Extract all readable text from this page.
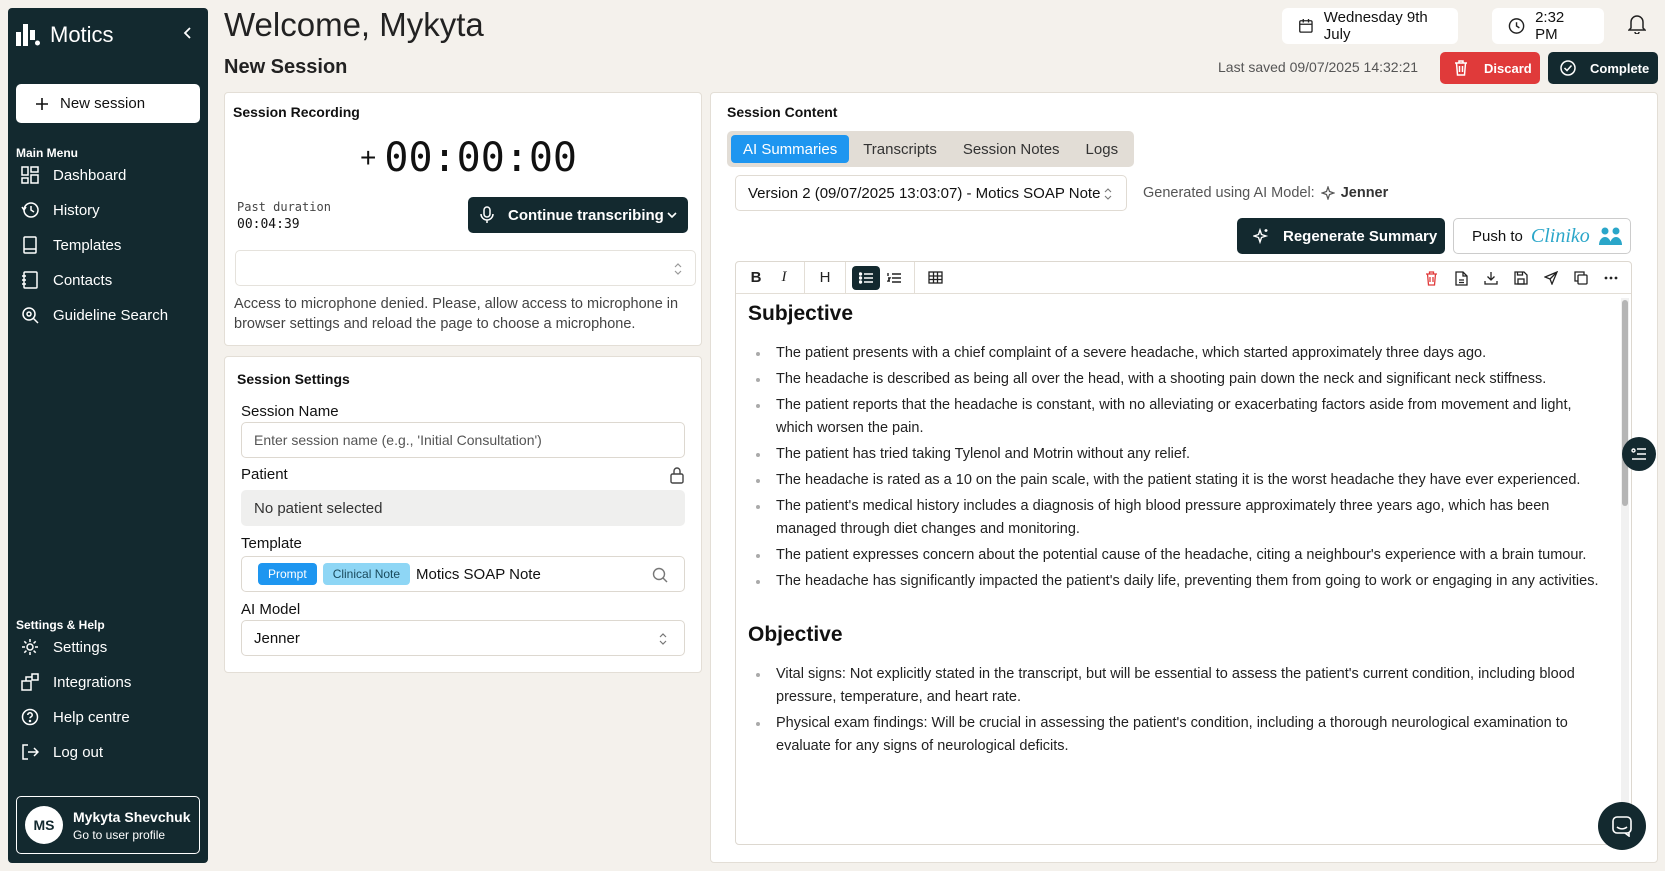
Motics
New session
Main Menu
Dashboard
History
Templates
Contacts
Guideline Search
Settings & Help
Settings
Integrations
Help centre
Log out
MS
Mykyta Shevchuk
Go to user profile
Welcome, Mykyta	Wednesday 9th July
2:32 PM
New Session	Last saved 09/07/2025 14:32:21	Discard	Complete
Session Recording
+ 00:00:00
Past duration
00:04:39
Continue transcribing
Access to microphone denied. Please, allow access to microphone in browser settings and reload the page to choose a microphone.
Session Settings
Session Name
Enter session name (e.g., 'Initial Consultation')
Patient
No patient selected
Template
Prompt	Clinical Note	Motics SOAP Note
AI Model
Jenner
Session Content
AI Summaries	Transcripts	Session Notes	Logs
Version 2 (09/07/2025 13:03:07) - Motics SOAP Note	Generated using AI Model: Jenner
Regenerate Summary Push to Cliniko
B	I	H
Subjective
The patient presents with a chief complaint of a severe headache, which started approximately three days ago.
The headache is described as being all over the head, with a shooting pain down the neck and significant neck stiffness.
The patient reports that the headache is constant, with no alleviating or exacerbating factors aside from movement and light, which worsen the pain.
The patient has tried taking Tylenol and Motrin without any relief.
The headache is rated as a 10 on the pain scale, with the patient stating it is the worst headache they have ever experienced.
The patient's medical history includes a diagnosis of high blood pressure approximately three years ago, which has been managed through diet changes and monitoring.
The patient expresses concern about the potential cause of the headache, citing a neighbour's experience with a brain tumour.
The headache has significantly impacted the patient's daily life, preventing them from going to work or engaging in any activities.
Objective
Vital signs: Not explicitly stated in the transcript, but will be essential to assess the patient's current condition, including blood pressure, temperature, and heart rate.
Physical exam findings: Will be crucial in assessing the patient's condition, including a thorough neurological examination to evaluate for any signs of neurological deficits.
